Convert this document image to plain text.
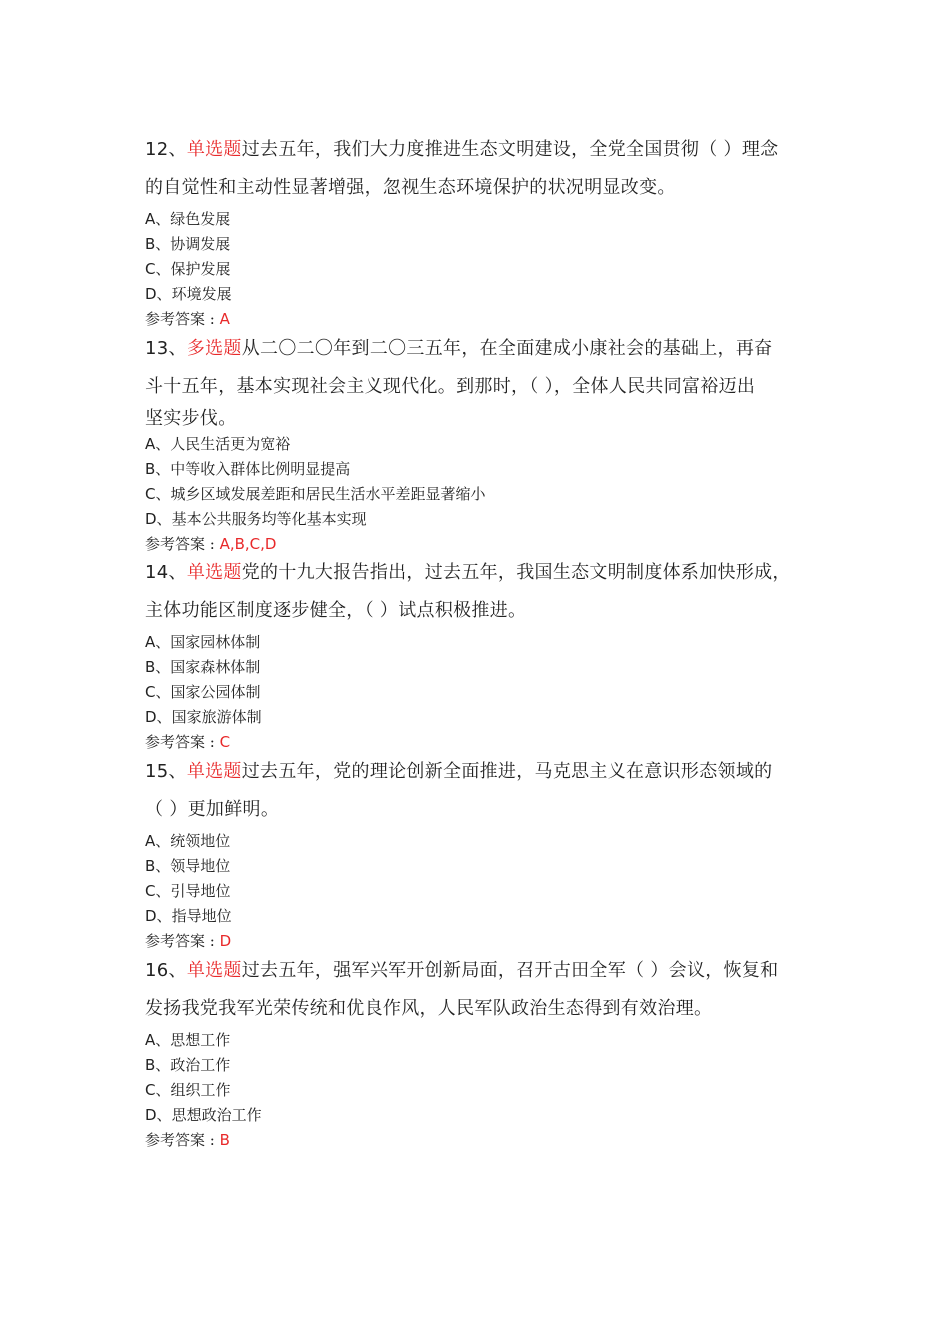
12、单选题过去五年，我们大力度推进生态文明建设，全党全国贯彻（ ）理念

的自觉性和主动性显著增强，忽视生态环境保护的状况明显改变。

A、绿色发展

B、协调发展

C、保护发展

D、环境发展

参考答案 : A

13、多选题从二〇二〇年到二〇三五年，在全面建成小康社会的基础上，再奋

斗十五年，基本实现社会主义现代化。到那时，（ ），全体人民共同富裕迈出

坚实步伐。

A、人民生活更为宽裕

B、中等收入群体比例明显提高

C、城乡区域发展差距和居民生活水平差距显著缩小

D、基本公共服务均等化基本实现

参考答案 : A,B,C,D

14、单选题党的十九大报告指出，过去五年，我国生态文明制度体系加快形成，

主体功能区制度逐步健全，（ ）试点积极推进。

A、国家园林体制

B、国家森林体制

C、国家公园体制

D、国家旅游体制

参考答案 : C

15、单选题过去五年，党的理论创新全面推进，马克思主义在意识形态领域的

（ ）更加鲜明。

A、统领地位

B、领导地位

C、引导地位

D、指导地位

参考答案 : D

16、单选题过去五年，强军兴军开创新局面，召开古田全军（ ）会议，恢复和

发扬我党我军光荣传统和优良作风，人民军队政治生态得到有效治理。

A、思想工作

B、政治工作

C、组织工作

D、思想政治工作

参考答案 : B
